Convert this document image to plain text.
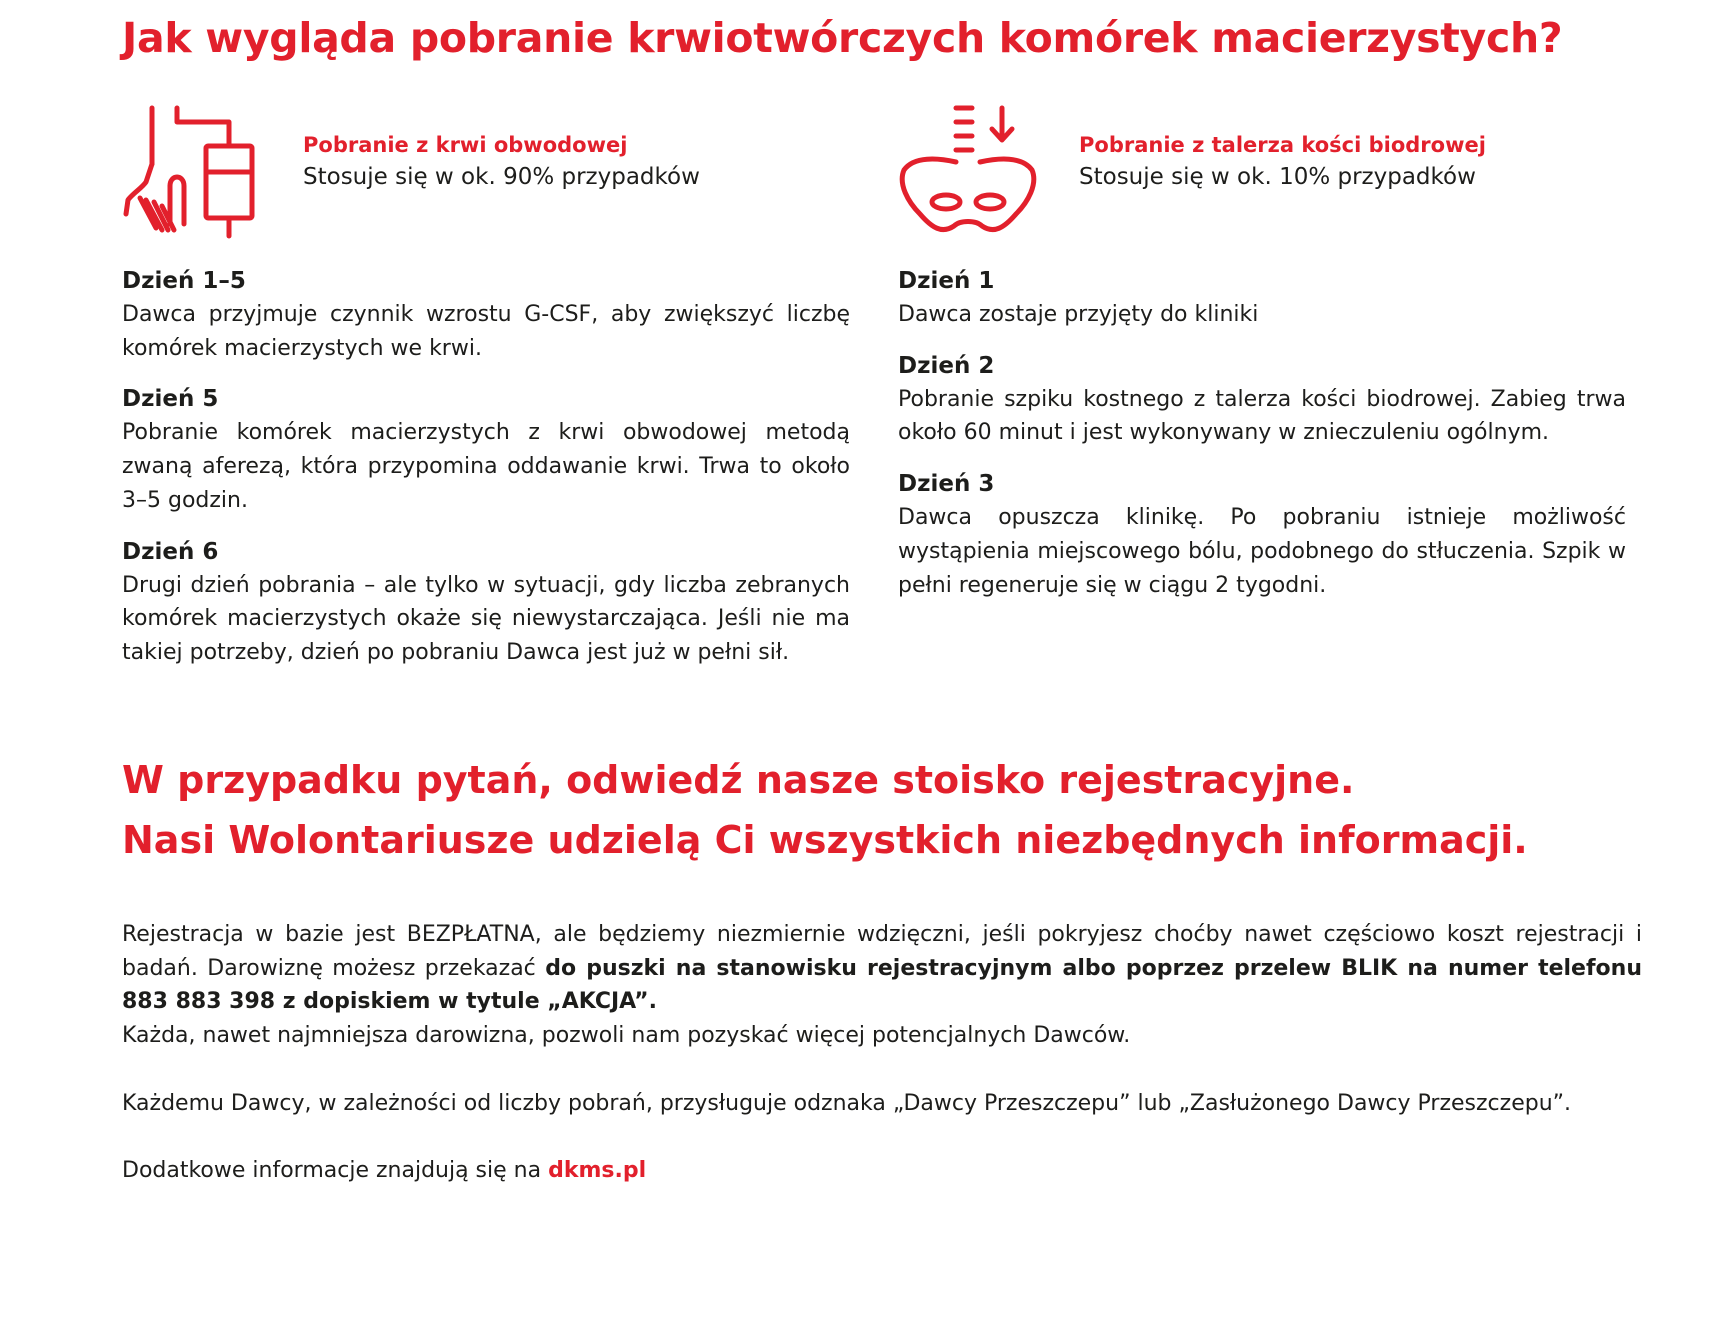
Jak wygląda pobranie krwiotwórczych komórek macierzystych?
Pobranie z krwi obwodowej
Stosuje się w ok. 90% przypadków

Dzień 1–5

Dawca przyjmuje czynnik wzrostu G-CSF, aby zwiększyć liczbę komórek macierzystych we krwi.

Dzień 5

Pobranie komórek macierzystych z krwi obwodowej metodą zwaną aferezą, która przypomina oddawanie krwi. Trwa to około 3–5 godzin.

Dzień 6

Drugi dzień pobrania – ale tylko w sytuacji, gdy liczba zebranych komórek macierzystych okaże się niewystarczająca. Jeśli nie ma takiej potrzeby, dzień po pobraniu Dawca jest już w pełni sił.

Pobranie z talerza kości biodrowej
Stosuje się w ok. 10% przypadków

Dzień 1

Dawca zostaje przyjęty do kliniki

Dzień 2

Pobranie szpiku kostnego z talerza kości biodrowej. Zabieg trwa około 60 minut i jest wykonywany w znieczuleniu ogólnym.

Dzień 3

Dawca opuszcza klinikę. Po pobraniu istnieje możliwość wystąpienia miejscowego bólu, podobnego do stłuczenia. Szpik w pełni regeneruje się w ciągu 2 tygodni.

W przypadku pytań, odwiedź nasze stoisko rejestracyjne.
Nasi Wolontariusze udzielą Ci wszystkich niezbędnych informacji.

Rejestracja w bazie jest BEZPŁATNA, ale będziemy niezmiernie wdzięczni, jeśli pokryjesz choćby nawet częściowo koszt rejestracji i badań. Darowiznę możesz przekazać do puszki na stanowisku rejestracyjnym albo poprzez przelew BLIK na numer telefonu 883 883 398 z dopiskiem w tytule „AKCJA”.

Każda, nawet najmniejsza darowizna, pozwoli nam pozyskać więcej potencjalnych Dawców.

Każdemu Dawcy, w zależności od liczby pobrań, przysługuje odznaka „Dawcy Przeszczepu” lub „Zasłużonego Dawcy Przeszczepu”.

Dodatkowe informacje znajdują się na dkms.pl
